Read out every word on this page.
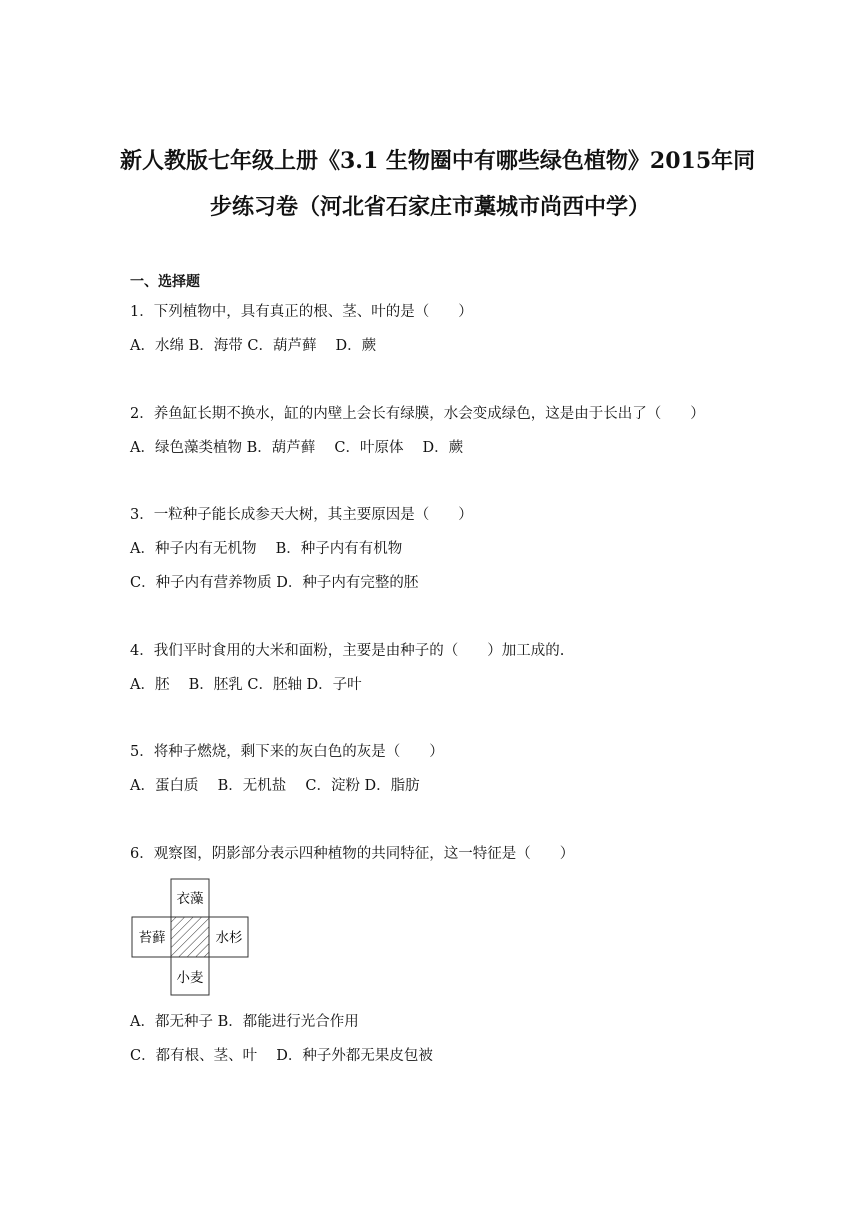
新人教版七年级上册《3.1 生物圈中有哪些绿色植物》2015年同
步练习卷（河北省石家庄市藁城市尚西中学）
一、选择题
1．下列植物中，具有真正的根、茎、叶的是（　　）
A．水绵 B．海带 C．葫芦藓　 D．蕨
2．养鱼缸长期不换水，缸的内壁上会长有绿膜，水会变成绿色，这是由于长出了（　　）
A．绿色藻类植物 B．葫芦藓　 C．叶原体　 D．蕨
3．一粒种子能长成参天大树，其主要原因是（　　）
A．种子内有无机物　 B．种子内有有机物
C．种子内有营养物质 D．种子内有完整的胚
4．我们平时食用的大米和面粉，主要是由种子的（　　）加工成的.
A．胚　 B．胚乳 C．胚轴 D．子叶
5．将种子燃烧，剩下来的灰白色的灰是（　　）
A．蛋白质　 B．无机盐　 C．淀粉 D．脂肪
6．观察图，阴影部分表示四种植物的共同特征，这一特征是（　　）
衣藻
苔藓	水杉
小麦
A．都无种子 B．都能进行光合作用
C．都有根、茎、叶　 D．种子外都无果皮包被
